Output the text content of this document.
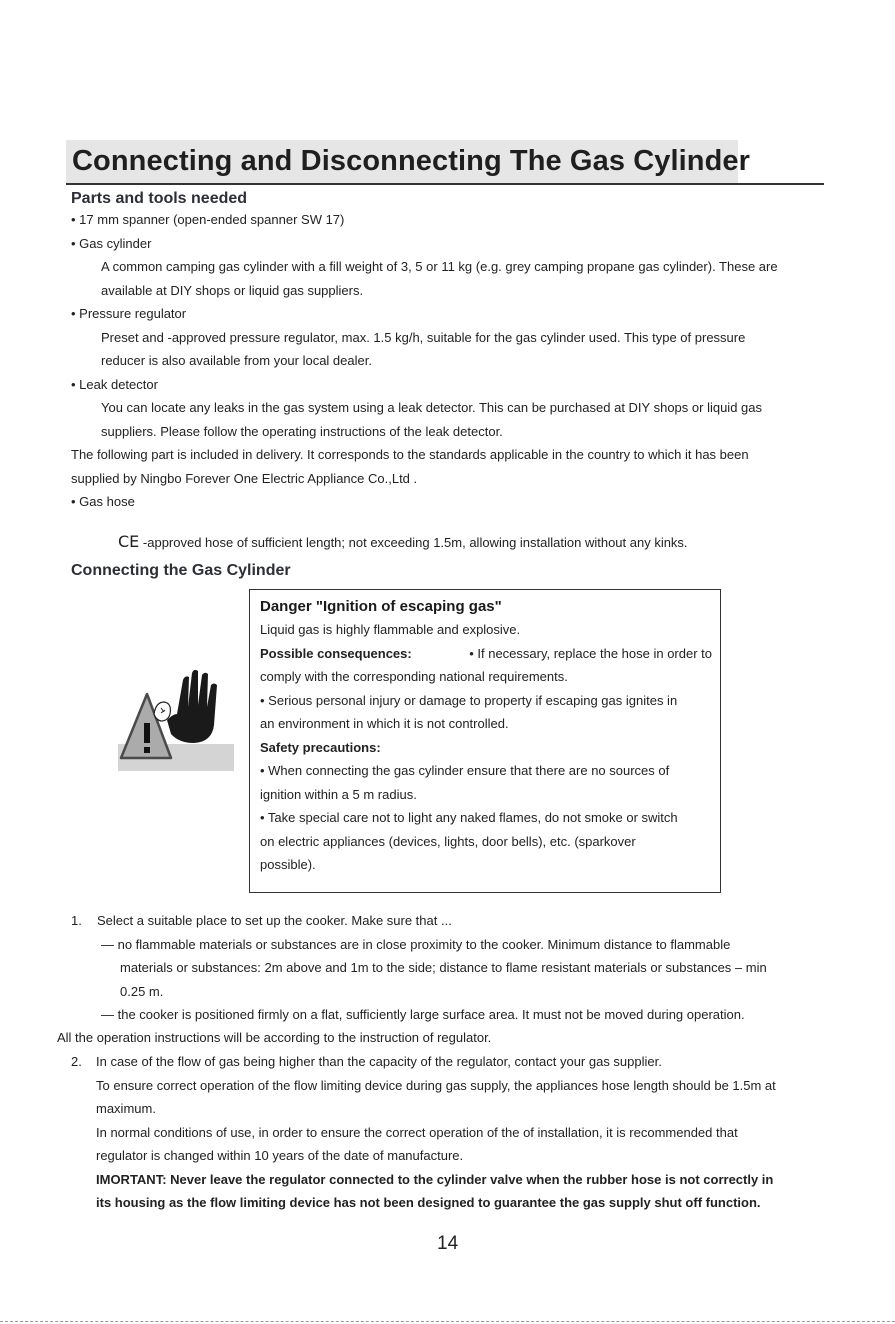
Connecting and Disconnecting The Gas Cylinder
Parts and tools needed
• 17 mm spanner (open-ended spanner SW 17)
• Gas cylinder
A common camping gas cylinder with a fill weight of 3, 5 or 11 kg (e.g. grey camping propane gas cylinder). These are
available at DIY shops or liquid gas suppliers.
• Pressure regulator
Preset and -approved pressure regulator, max. 1.5 kg/h, suitable for the gas cylinder used. This type of pressure
reducer is also available from your local dealer.
• Leak detector
You can locate any leaks in the gas system using a leak detector. This can be purchased at DIY shops or liquid gas
suppliers. Please follow the operating instructions of the leak detector.
The following part is included in delivery. It corresponds to the standards applicable in the country to which it has been
supplied by Ningbo Forever One Electric Appliance Co.,Ltd .
• Gas hose
CE -approved hose of sufficient length; not exceeding 1.5m, allowing installation without any kinks.
Connecting the Gas Cylinder
Danger "Ignition of escaping gas"
Liquid gas is highly flammable and explosive.
Possible consequences:	• If necessary, replace the hose in order to
comply with the corresponding national requirements.
• Serious personal injury or damage to property if escaping gas ignites in
an environment in which it is not controlled.
Safety precautions:
• When connecting the gas cylinder ensure that there are no sources of
ignition within a 5 m radius.
• Take special care not to light any naked flames, do not smoke or switch
on electric appliances (devices, lights, door bells), etc. (sparkover
possible).
1. Select a suitable place to set up the cooker. Make sure that ...
— no flammable materials or substances are in close proximity to the cooker. Minimum distance to flammable
materials or substances: 2m above and 1m to the side; distance to flame resistant materials or substances – min
0.25 m.
— the cooker is positioned firmly on a flat, sufficiently large surface area. It must not be moved during operation.
All the operation instructions will be according to the instruction of regulator.
2. In case of the flow of gas being higher than the capacity of the regulator, contact your gas supplier.
To ensure correct operation of the flow limiting device during gas supply, the appliances hose length should be 1.5m at
maximum.
In normal conditions of use, in order to ensure the correct operation of the of installation, it is recommended that
regulator is changed within 10 years of the date of manufacture.
IMORTANT: Never leave the regulator connected to the cylinder valve when the rubber hose is not correctly in
its housing as the flow limiting device has not been designed to guarantee the gas supply shut off function.
14
